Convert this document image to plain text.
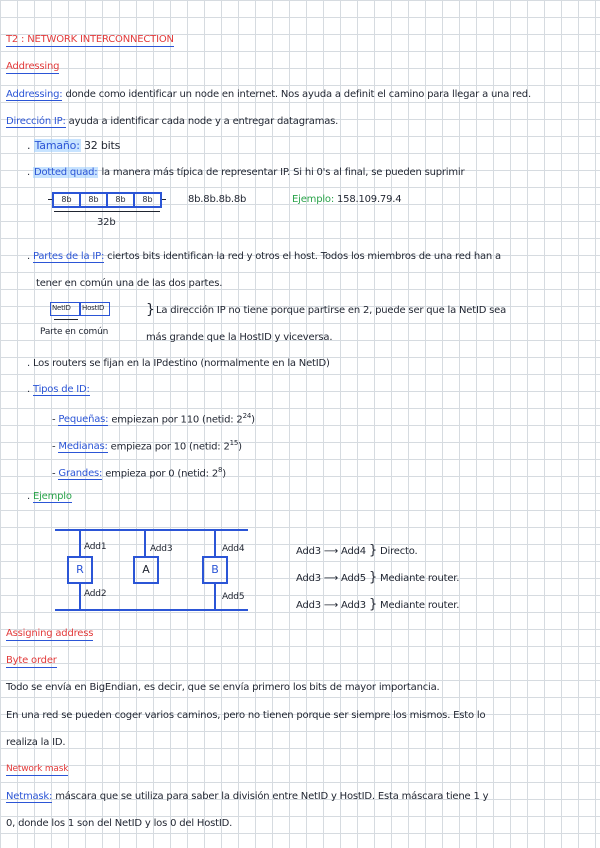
T2 : NETWORK INTERCONNECTION
Addressing
Addressing: donde como identificar un node en internet. Nos ayuda a definit el camino para llegar a una red.
Dirección IP: ayuda a identificar cada node y a entregar datagramas.
. Tamaño: 32 bits
. Dotted quad: la manera más típica de representar IP. Si hi 0's al final, se pueden suprimir
8b	8b	8b	8b
32b
8b.8b.8b.8b	Ejemplo: 158.109.79.4
. Partes de la IP: ciertos bits identifican la red y otros el host. Todos los miembros de una red han a
tener en común una de las dos partes.
NetID HostID
Parte en común
} La dirección IP no tiene porque partirse en 2, puede ser que la NetID sea
más grande que la HostID y viceversa.
. Los routers se fijan en la IPdestino (normalmente en la NetID)
. Tipos de ID:
- Pequeñas: empiezan por 110 (netid: $2^{24}$)
- Medianas: empieza por 10 (netid: $2^{15}$)
- Grandes: empieza por 0 (netid: $2^8$)
. Ejemplo
R	A	B
Add1	Add3	Add4
Add2	Add5
Add3 ⟶ Add4 } Directo.
Add3 ⟶ Add5 } Mediante router.
Add3 ⟶ Add3 } Mediante router.
Assigning address
Byte order
Todo se envía en BigEndian, es decir, que se envía primero los bits de mayor importancia.
En una red se pueden coger varios caminos, pero no tienen porque ser siempre los mismos. Esto lo
realiza la ID.
Network mask
Netmask: máscara que se utiliza para saber la división entre NetID y HostID. Esta máscara tiene 1 y
0, donde los 1 son del NetID y los 0 del HostID.
